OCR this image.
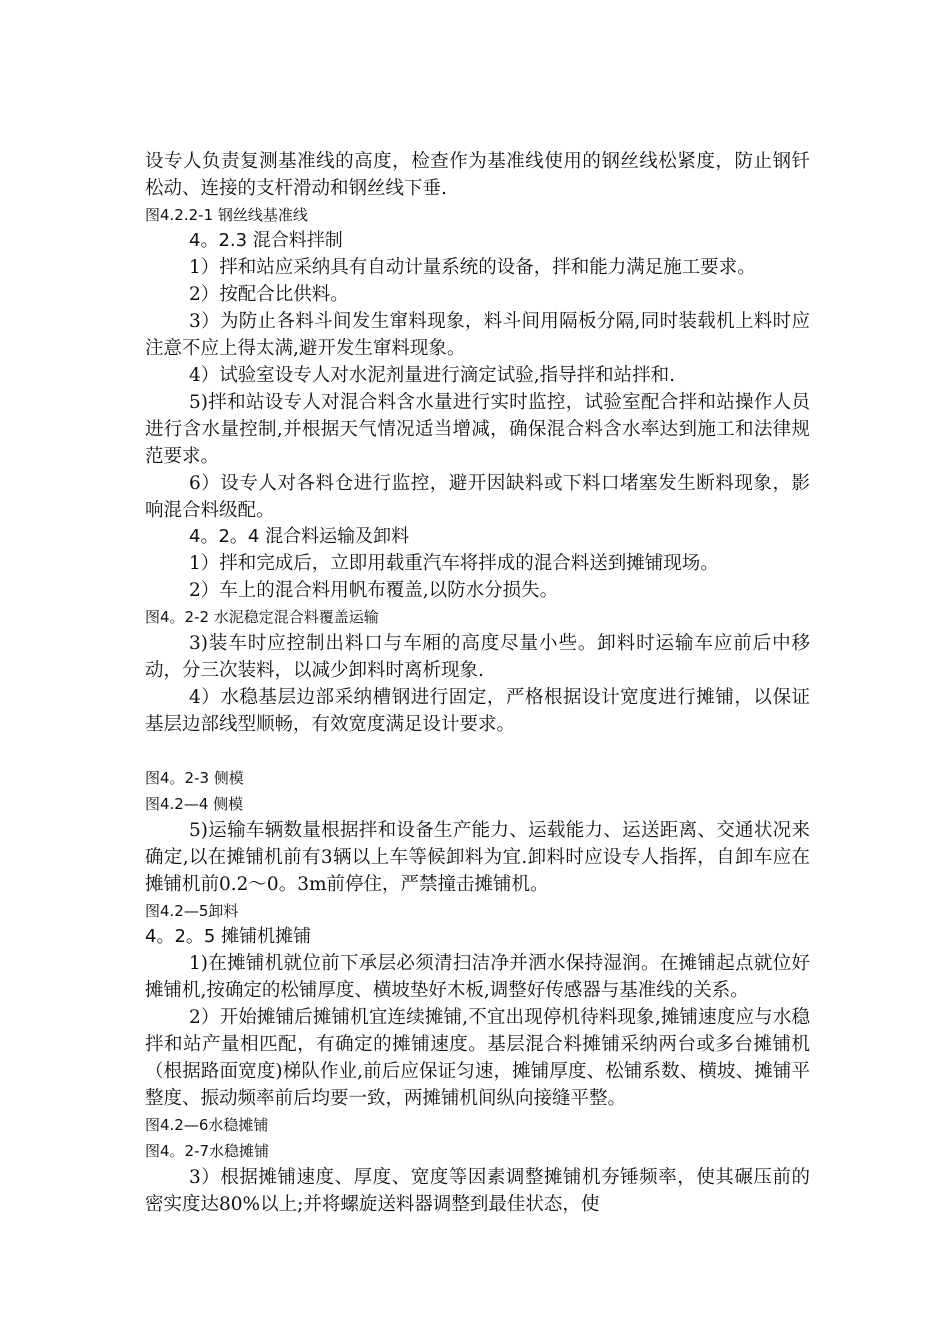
设专人负责复测基准线的高度，检查作为基准线使用的钢丝线松紧度，防止钢钎松动、连接的支杆滑动和钢丝线下垂.

图4.2.2-1 钢丝线基准线

4。2.3 混合料拌制

1）拌和站应采纳具有自动计量系统的设备，拌和能力满足施工要求。

2）按配合比供料。

3）为防止各料斗间发生窜料现象，料斗间用隔板分隔,同时装载机上料时应注意不应上得太满,避开发生窜料现象。

4）试验室设专人对水泥剂量进行滴定试验,指导拌和站拌和.

5)拌和站设专人对混合料含水量进行实时监控，试验室配合拌和站操作人员进行含水量控制,并根据天气情况适当增减，确保混合料含水率达到施工和法律规范要求。

6）设专人对各料仓进行监控，避开因缺料或下料口堵塞发生断料现象，影响混合料级配。

4。2。4 混合料运输及卸料

1）拌和完成后，立即用载重汽车将拌成的混合料送到摊铺现场。

2）车上的混合料用帆布覆盖,以防水分损失。

图4。2-2 水泥稳定混合料覆盖运输

3)装车时应控制出料口与车厢的高度尽量小些。卸料时运输车应前后中移动，分三次装料，以减少卸料时离析现象.

4）水稳基层边部采纳槽钢进行固定，严格根据设计宽度进行摊铺，以保证基层边部线型顺畅，有效宽度满足设计要求。

图4。2-3 侧模

图4.2—4 侧模

5)运输车辆数量根据拌和设备生产能力、运载能力、运送距离、交通状况来确定,以在摊铺机前有3辆以上车等候卸料为宜.卸料时应设专人指挥，自卸车应在摊铺机前0.2～0。3m前停住，严禁撞击摊铺机。

图4.2—5卸料

4。2。5 摊铺机摊铺

1)在摊铺机就位前下承层必须清扫洁净并洒水保持湿润。在摊铺起点就位好摊铺机,按确定的松铺厚度、横坡垫好木板,调整好传感器与基准线的关系。

2）开始摊铺后摊铺机宜连续摊铺,不宜出现停机待料现象,摊铺速度应与水稳拌和站产量相匹配，有确定的摊铺速度。基层混合料摊铺采纳两台或多台摊铺机（根据路面宽度)梯队作业,前后应保证匀速，摊铺厚度、松铺系数、横坡、摊铺平整度、振动频率前后均要一致，两摊铺机间纵向接缝平整。

图4.2—6水稳摊铺

图4。2-7水稳摊铺

3）根据摊铺速度、厚度、宽度等因素调整摊铺机夯锤频率，使其碾压前的密实度达80%以上;并将螺旋送料器调整到最佳状态，使
